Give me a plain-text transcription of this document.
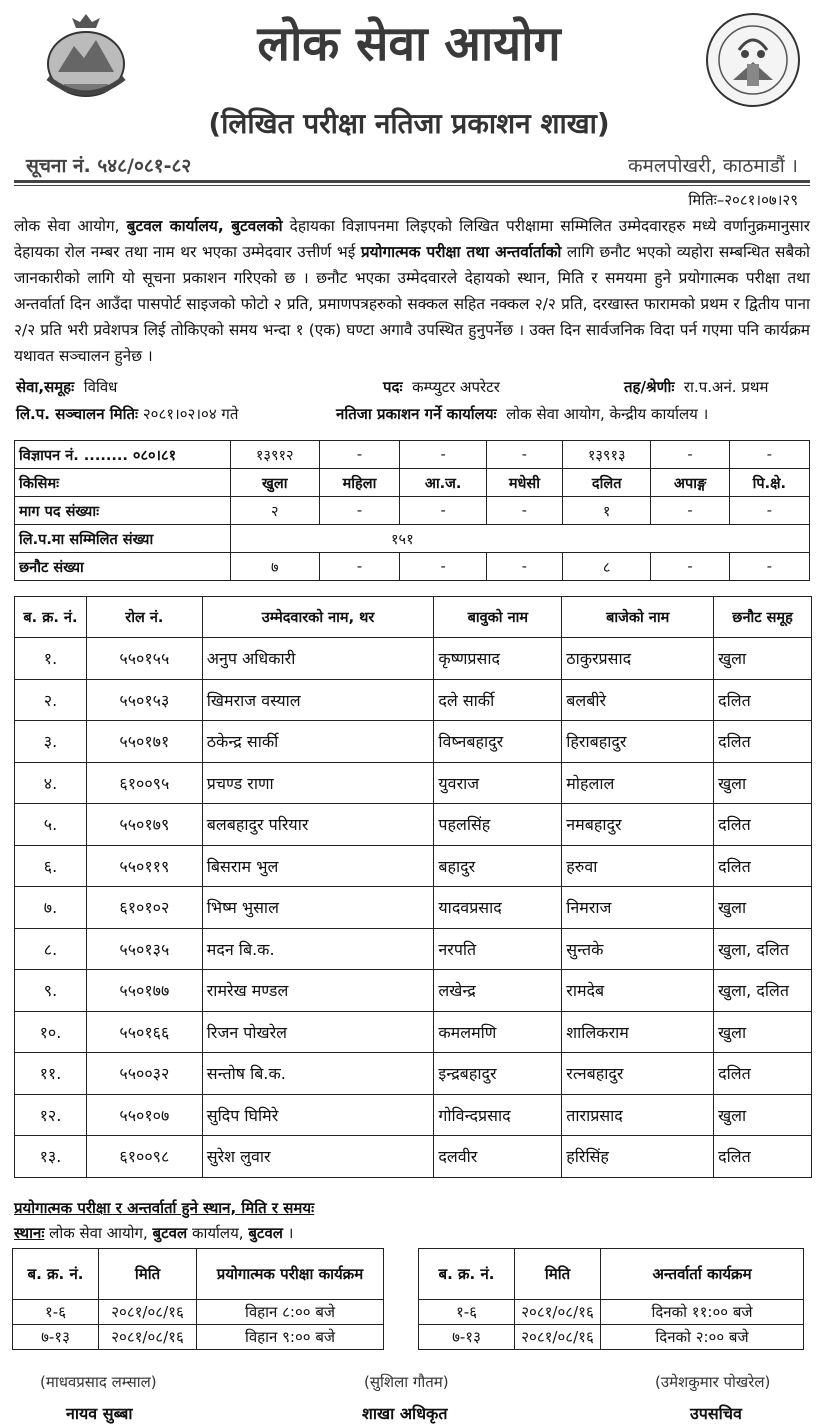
लोक सेवा आयोग
(लिखित परीक्षा नतिजा प्रकाशन शाखा)
सूचना नं. ५४८/०८१-८२	कमलपोखरी, काठमाडौं ।
मितिः–२०८१।०७।२९
लोक सेवा आयोग, बुटवल कार्यालय, बुटवलको देहायका विज्ञापनमा लिइएको लिखित परीक्षामा सम्मिलित उम्मेदवारहरु मध्ये वर्णानुक्रमानुसार देहायका रोल नम्बर तथा नाम थर भएका उम्मेदवार उत्तीर्ण भई प्रयोगात्मक परीक्षा तथा अन्तर्वार्ताको लागि छनौट भएको व्यहोरा सम्बन्धित सबैको जानकारीको लागि यो सूचना प्रकाशन गरिएको छ । छनौट भएका उम्मेदवारले देहायको स्थान, मिति र समयमा हुने प्रयोगात्मक परीक्षा तथा अन्तर्वार्ता दिन आउँदा पासपोर्ट साइजको फोटो २ प्रति, प्रमाणपत्रहरुको सक्कल सहित नक्कल २/२ प्रति, दरखास्त फारामको प्रथम र द्वितीय पाना २/२ प्रति भरी प्रवेशपत्र लिई तोकिएको समय भन्दा १ (एक) घण्टा अगावै उपस्थित हुनुपर्नेछ । उक्त दिन सार्वजनिक विदा पर्न गएमा पनि कार्यक्रम यथावत सञ्चालन हुनेछ ।
सेवा,समूहः विविध	पदः कम्प्युटर अपरेटर	तह/श्रेणीः रा.प.अनं. प्रथम
लि.प. सञ्चालन मितिः २०८१।०२।०४ गते	नतिजा प्रकाशन गर्ने कार्यालयः लोक सेवा आयोग, केन्द्रीय कार्यालय ।
विज्ञापन नं. ........ ०८०।८१	१३९१२	-	-	-	१३९१३	-	-
किसिमः	खुला	महिला	आ.ज.	मधेसी	दलित	अपाङ्ग	पि.क्षे.
माग पद संख्याः	२	-	-	-	१	-	-
लि.प.मा सम्मिलित संख्या	१५१						
छनौट संख्या	७	-	-	-	८	-	-
ब. क्र. नं.	रोल नं.	उम्मेदवारको नाम, थर	बावुको नाम	बाजेको नाम	छनौट समूह
१.	५५०१५५	अनुप अधिकारी	कृष्णप्रसाद	ठाकुरप्रसाद	खुला
२.	५५०१५३	खिमराज वस्याल	दले सार्की	बलबीरे	दलित
३.	५५०१७१	ठकेन्द्र सार्की	विष्नबहादुर	हिराबहादुर	दलित
४.	६१००९५	प्रचण्ड राणा	युवराज	मोहलाल	खुला
५.	५५०१७९	बलबहादुर परियार	पहलसिंह	नमबहादुर	दलित
६.	५५०११९	बिसराम भुल	बहादुर	हरुवा	दलित
७.	६१०१०२	भिष्म भुसाल	यादवप्रसाद	निमराज	खुला
८.	५५०१३५	मदन बि.क.	नरपति	सुन्तके	खुला, दलित
९.	५५०१७७	रामरेख मण्डल	लखेन्द्र	रामदेब	खुला, दलित
१०.	५५०१६६	रिजन पोखरेल	कमलमणि	शालिकराम	खुला
११.	५५००३२	सन्तोष बि.क.	इन्द्रबहादुर	रत्नबहादुर	दलित
१२.	५५०१०७	सुदिप घिमिरे	गोविन्दप्रसाद	ताराप्रसाद	खुला
१३.	६१००९८	सुरेश लुवार	दलवीर	हरिसिंह	दलित
प्रयोगात्मक परीक्षा र अन्तर्वार्ता हुने स्थान, मिति र समयः
स्थानः लोक सेवा आयोग, बुटवल कार्यालय, बुटवल ।
ब. क्र. नं.	मिति	प्रयोगात्मक परीक्षा कार्यक्रम
१-६	२०८१/०८/१६	विहान ८:०० बजे
७-१३	२०८१/०८/१६	विहान ९:०० बजे
ब. क्र. नं.	मिति	अन्तर्वार्ता कार्यक्रम
१-६	२०८१/०८/१६	दिनको ११:०० बजे
७-१३	२०८१/०८/१६	दिनको २:०० बजे
(माधवप्रसाद लम्साल)
नायव सुब्बा
(सुशिला गौतम)
शाखा अधिकृत
(उमेशकुमार पोखरेल)
उपसचिव
